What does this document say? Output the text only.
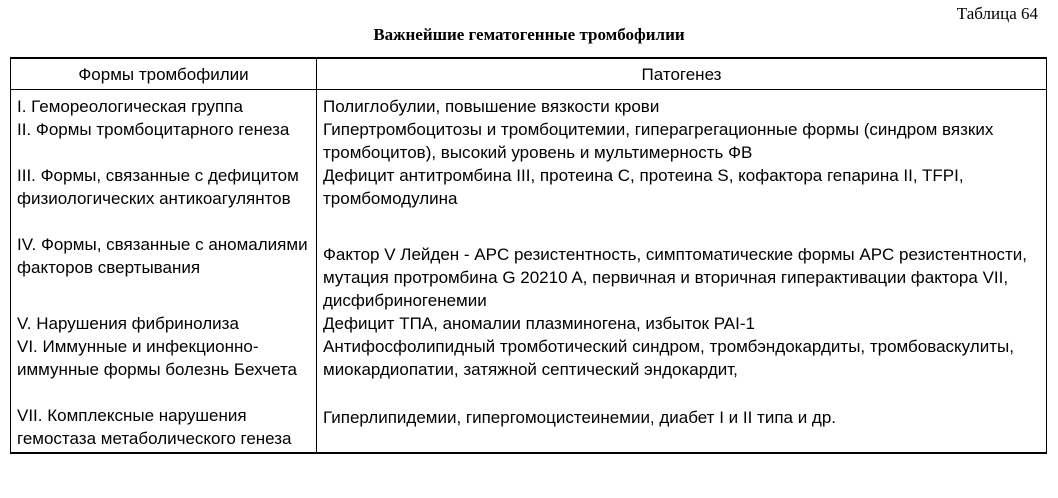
Таблица 64
Важнейшие гематогенные тромбофилии
Формы тромбофилии	Патогенез
I. Гемореологическая группа	Полиглобулии, повышение вязкости крови
II. Формы тромбоцитарного генеза	Гипертромбоцитозы и тромбоцитемии, гиперагрегационные формы (синдром вязких тромбоцитов), высокий уровень и мультимерность ФВ
III. Формы, связанные с дефицитом физиологических антикоагулянтов	Дефицит антитромбина III, протеина С, протеина S, кофактора гепарина II, TFPI, тромбомодулина
IV. Формы, связанные с аномалиями факторов свертывания	Фактор V Лейден - APC резистентность, симптоматические формы APC резистентности, мутация протромбина G 20210 A, первичная и вторичная гиперактивации фактора VII, дисфибриногенемии
V. Нарушения фибринолиза	Дефицит ТПА, аномалии плазминогена, избыток PAI-1
VI. Иммунные и инфекционно-иммунные формы болезнь Бехчета	Антифосфолипидный тромботический синдром, тромбэндокардиты, тромбоваскулиты, миокардиопатии, затяжной септический эндокардит,
VII. Комплексные нарушения гемостаза метаболического генеза	Гиперлипидемии, гипергомоцистеинемии, диабет I и II типа и др.
